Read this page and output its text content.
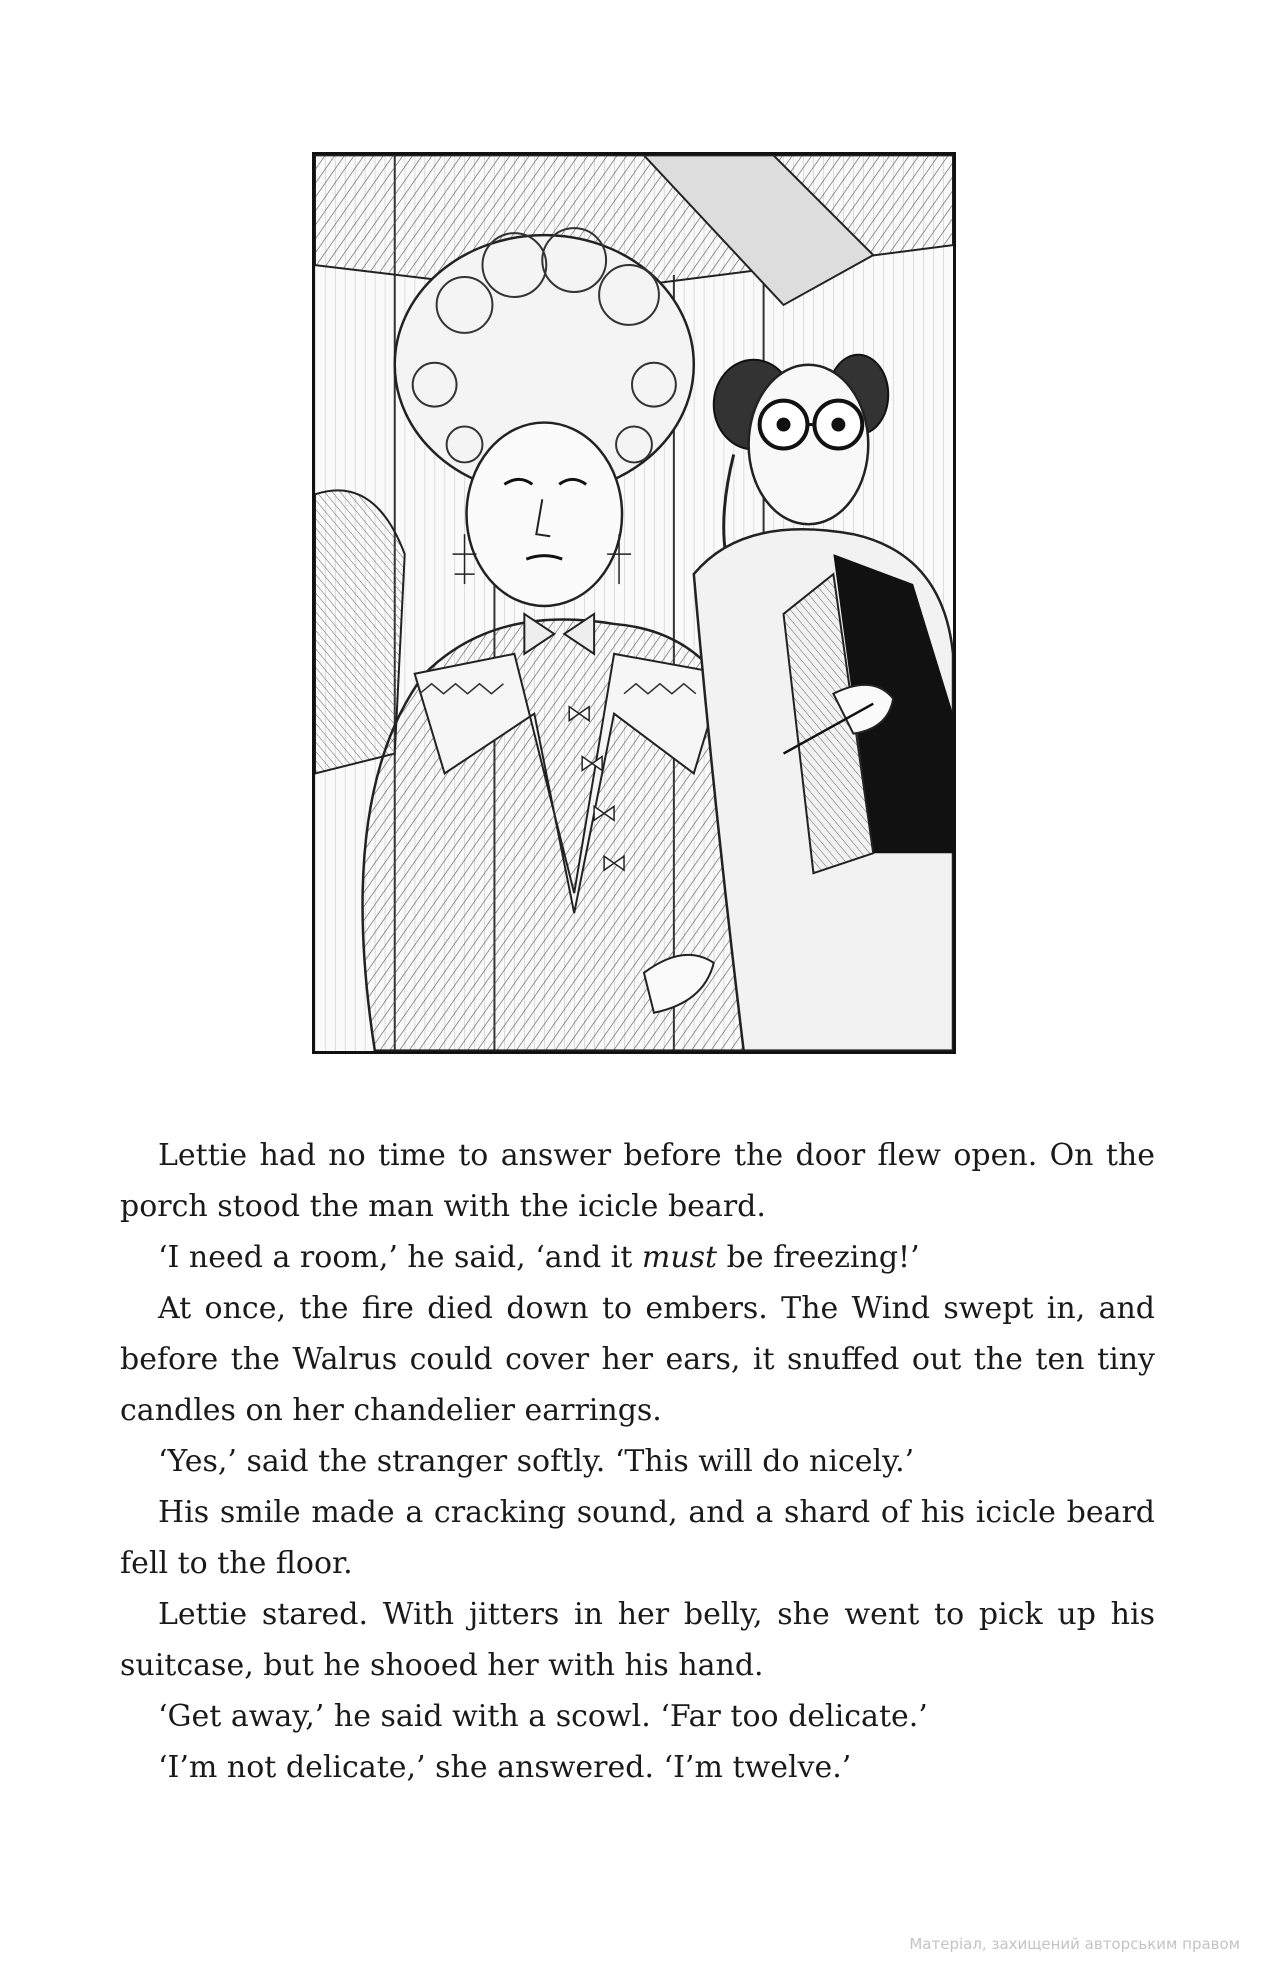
Lettie had no time to answer before the door flew open. On the porch stood the man with the icicle beard.

‘I need a room,’ he said, ‘and it must be freezing!’

At once, the fire died down to embers. The Wind swept in, and before the Walrus could cover her ears, it snuffed out the ten tiny candles on her chandelier earrings.

‘Yes,’ said the stranger softly. ‘This will do nicely.’

His smile made a cracking sound, and a shard of his icicle beard fell to the floor.

Lettie stared. With jitters in her belly, she went to pick up his suitcase, but he shooed her with his hand.

‘Get away,’ he said with a scowl. ‘Far too delicate.’

‘I’m not delicate,’ she answered. ‘I’m twelve.’

Матеріал, захищений авторським правом
